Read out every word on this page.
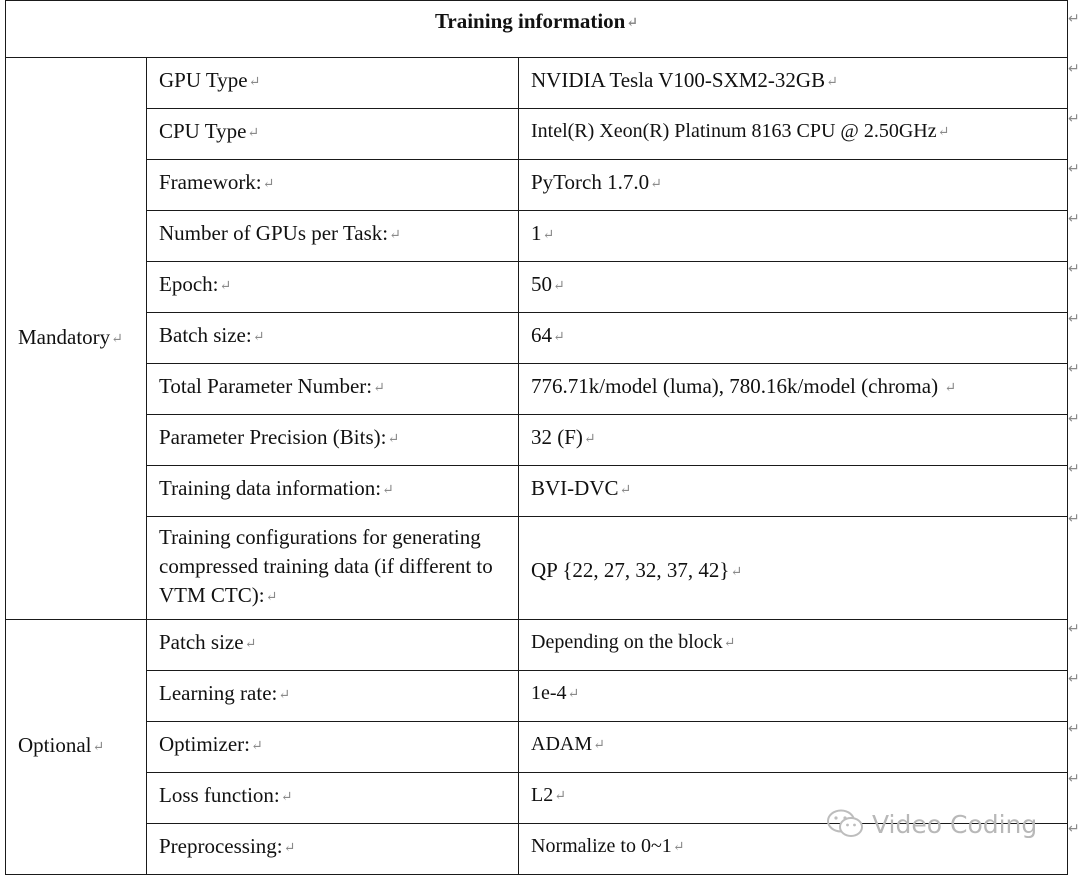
Training information↵		
Mandatory↵	GPU Type↵	NVIDIA Tesla V100-SXM2-32GB↵
	CPU Type↵	Intel(R) Xeon(R) Platinum 8163 CPU @ 2.50GHz↵
	Framework:↵	PyTorch 1.7.0↵
	Number of GPUs per Task:↵	1↵
	Epoch:↵	50↵
	Batch size:↵	64↵
	Total Parameter Number:↵	776.71k/model (luma), 780.16k/model (chroma) ↵
	Parameter Precision (Bits):↵	32 (F)↵
	Training data information:↵	BVI-DVC↵
	Training configurations for generating compressed training data (if different to VTM CTC):↵	QP {22, 27, 32, 37, 42}↵
Optional↵	Patch size↵	Depending on the block↵
	Learning rate:↵	1e-4↵
	Optimizer:↵	ADAM↵
	Loss function:↵	L2↵
	Preprocessing:↵	Normalize to 0~1↵
↵
↵
↵
↵
↵
↵
↵
↵
↵
↵
↵
↵
↵
↵
↵
↵
Video Coding
